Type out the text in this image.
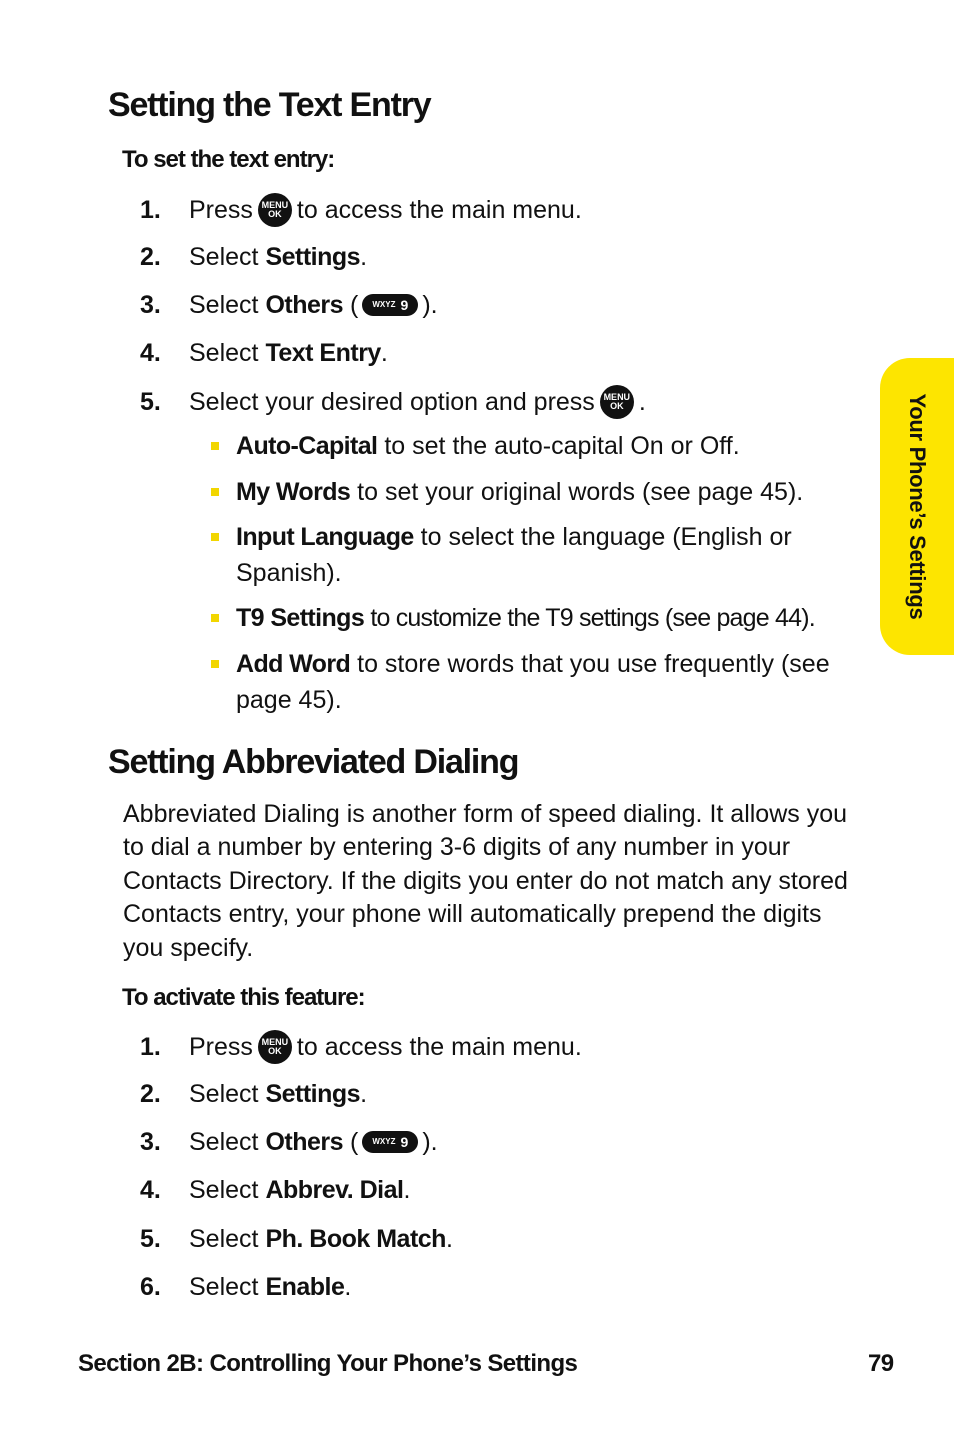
Setting the Text Entry

To set the text entry:

1.	Press MENU
OK to access the main menu.
2.	Select
Settings .
3.	Select
Others
( WXYZ 9 ).
4.	Select
Text Entry .
5.	Select your desired option and press MENU
OK .
Auto-Capital to set the auto-capital On or Off.
My Words to set your original words (see page 45).
Input Language to select the language (English or Spanish).
T9 Settings to customize the T9 settings (see page 44).
Add Word to store words that you use frequently (see page 45).
Setting Abbreviated Dialing

Abbreviated Dialing is another form of speed dialing. It allows you to dial a number by entering 3-6 digits of any number in your Contacts Directory. If the digits you enter do not match any stored Contacts entry, your phone will automatically prepend the digits you specify.

To activate this feature:

1.	Press MENU
OK to access the main menu.
2.	Select
Settings .
3.	Select
Others
( WXYZ 9 ).
4.	Select
Abbrev. Dial .
5.	Select
Ph. Book Match .
6.	Select
Enable .
Your Phone’s Settings
Section 2B: Controlling Your Phone’s Settings	79
